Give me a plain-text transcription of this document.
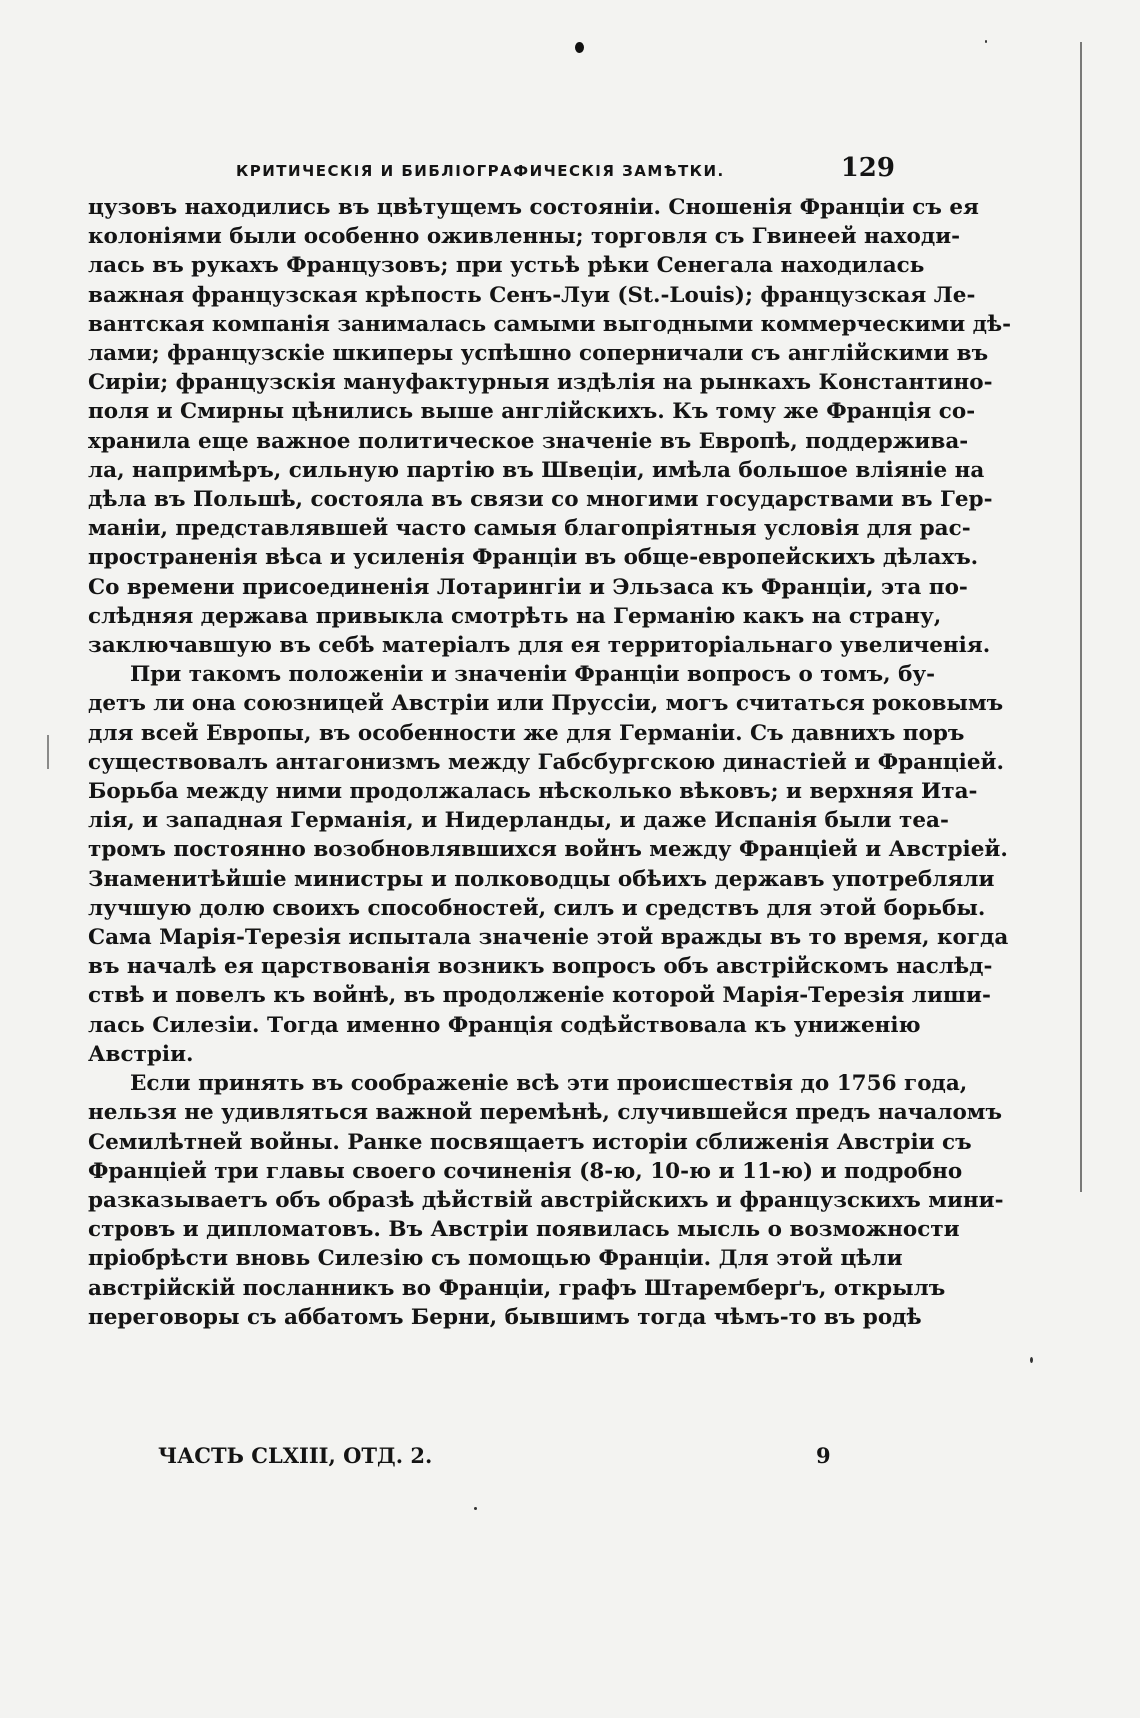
КРИТИЧЕСКІЯ И БИБЛІОГРАФИЧЕСКІЯ ЗАМѢТКИ.	129
цузовъ находились въ цвѣтущемъ состояніи. Сношенія Франціи съ ея
колоніями были особенно оживленны; торговля съ Гвинеей находи-
лась въ рукахъ Французовъ; при устьѣ рѣки Сенегала находилась
важная французская крѣпость Сенъ-Луи (St.-Louis); французская Ле-
вантская компанія занималась самыми выгодными коммерческими дѣ-
лами; французскіе шкиперы успѣшно соперничали съ англійскими въ
Сиріи; французскія мануфактурныя издѣлія на рынкахъ Константино-
поля и Смирны цѣнились выше англійскихъ. Къ тому же Франція со-
хранила еще важное политическое значеніе въ Европѣ, поддержива-
ла, напримѣръ, сильную партію въ Швеціи, имѣла большое вліяніе на
дѣла въ Польшѣ, состояла въ связи со многими государствами въ Гер-
маніи, представлявшей часто самыя благопріятныя условія для рас-
пространенія вѣса и усиленія Франціи въ обще-европейскихъ дѣлахъ.
Со времени присоединенія Лотарингіи и Эльзаса къ Франціи, эта по-
слѣдняя держава привыкла смотрѣть на Германію какъ на страну,
заключавшую въ себѣ матеріалъ для ея территоріальнаго увеличенія.
При такомъ положеніи и значеніи Франціи вопросъ о томъ, бу-
детъ ли она союзницей Австріи или Пруссіи, могъ считаться роковымъ
для всей Европы, въ особенности же для Германіи. Съ давнихъ поръ
существовалъ антагонизмъ между Габсбургскою династіей и Франціей.
Борьба между ними продолжалась нѣсколько вѣковъ; и верхняя Ита-
лія, и западная Германія, и Нидерланды, и даже Испанія были теа-
тромъ постоянно возобновлявшихся войнъ между Франціей и Австріей.
Знаменитѣйшіе министры и полководцы обѣихъ державъ употребляли
лучшую долю своихъ способностей, силъ и средствъ для этой борьбы.
Сама Марія-Терезія испытала значеніе этой вражды въ то время, когда
въ началѣ ея царствованія возникъ вопросъ объ австрійскомъ наслѣд-
ствѣ и повелъ къ войнѣ, въ продолженіе которой Марія-Терезія лиши-
лась Силезіи. Тогда именно Франція содѣйствовала къ униженію
Австріи.
Если принять въ соображеніе всѣ эти происшествія до 1756 года,
нельзя не удивляться важной перемѣнѣ, случившейся предъ началомъ
Семилѣтней войны. Ранке посвящаетъ исторіи сближенія Австріи съ
Франціей три главы своего сочиненія (8-ю, 10-ю и 11-ю) и подробно
разказываетъ объ образѣ дѣйствій австрійскихъ и французскихъ мини-
стровъ и дипломатовъ. Въ Австріи появилась мысль о возможности
пріобрѣсти вновь Силезію съ помощью Франціи. Для этой цѣли
австрійскій посланникъ во Франціи, графъ Штаремберґъ, открылъ
переговоры съ аббатомъ Берни, бывшимъ тогда чѣмъ-то въ родѣ
ЧАСТЬ CLXIII, ОТД. 2.	9
